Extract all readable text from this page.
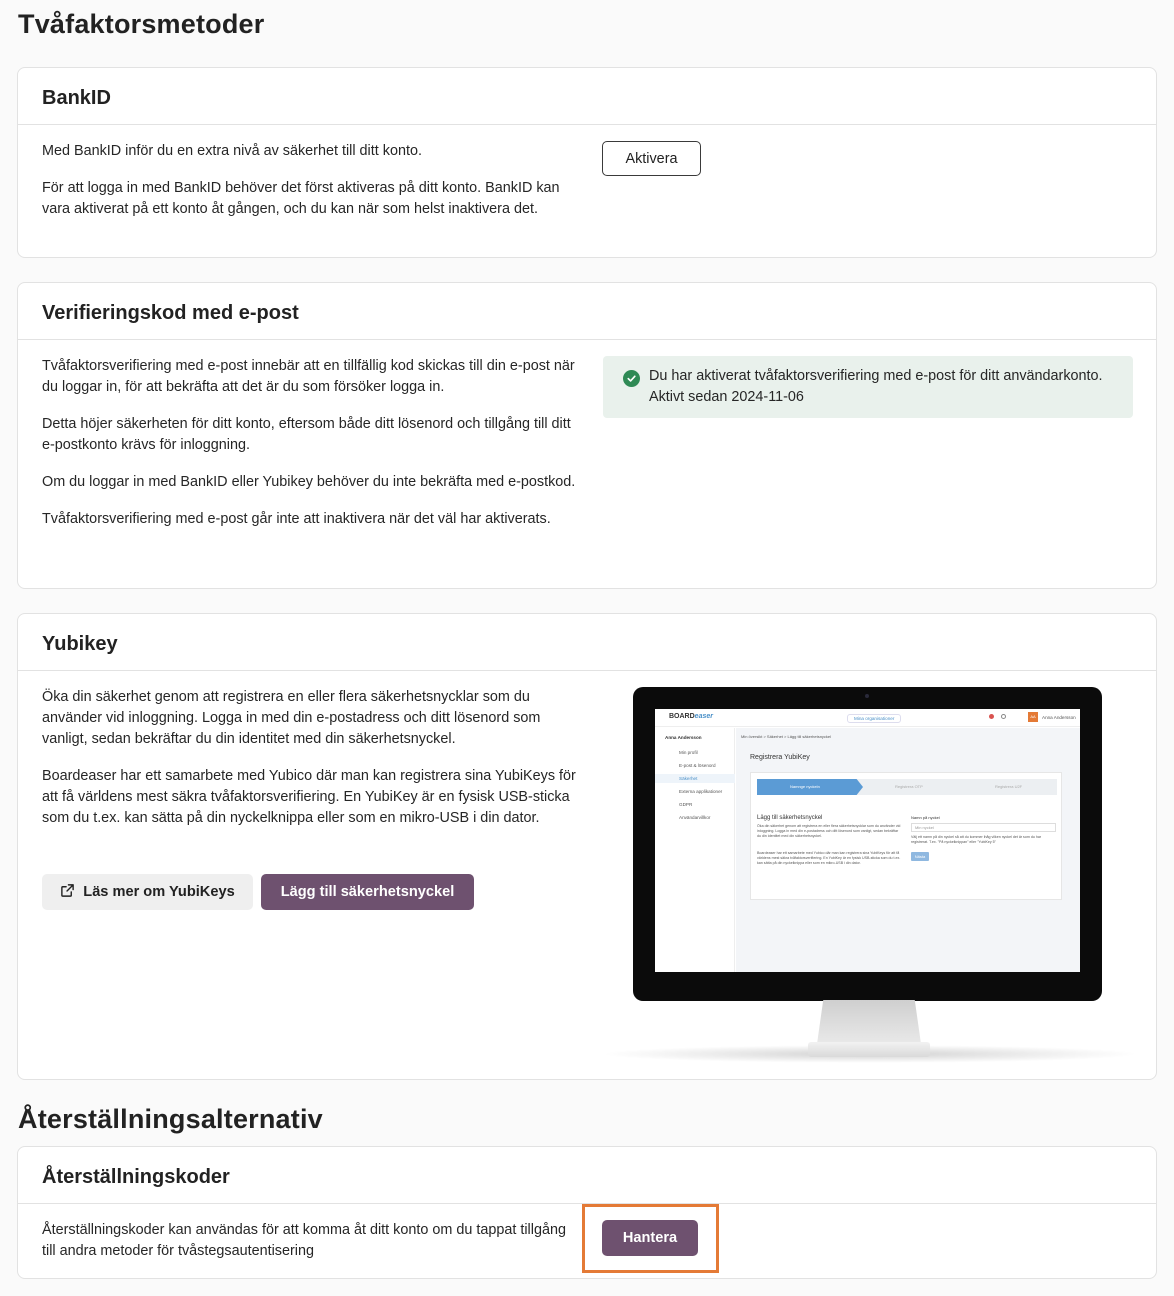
Tvåfaktorsmetoder
BankID

Med BankID inför du en extra nivå av säkerhet till ditt konto.

För att logga in med BankID behöver det först aktiveras på ditt konto. BankID kan vara aktiverat på ett konto åt gången, och du kan när som helst inaktivera det.

Aktivera
Verifieringskod med e-post

Tvåfaktorsverifiering med e-post innebär att en tillfällig kod skickas till din e-post när du loggar in, för att bekräfta att det är du som försöker logga in.

Detta höjer säkerheten för ditt konto, eftersom både ditt lösenord och tillgång till ditt e-postkonto krävs för inloggning.

Om du loggar in med BankID eller Yubikey behöver du inte bekräfta med e-postkod.

Tvåfaktorsverifiering med e-post går inte att inaktivera när det väl har aktiverats.

Du har aktiverat tvåfaktorsverifiering med e-post för ditt användarkonto. Aktivt sedan 2024-11-06
Yubikey

Öka din säkerhet genom att registrera en eller flera säkerhetsnycklar som du använder vid inloggning. Logga in med din e-postadress och ditt lösenord som vanligt, sedan bekräftar du din identitet med din säkerhetsnyckel.

Boardeaser har ett samarbete med Yubico där man kan registrera sina YubiKeys för att få världens mest säkra tvåfaktorsverifiering. En YubiKey är en fysisk USB-sticka som du t.ex. kan sätta på din nyckelknippa eller som en mikro-USB i din dator.

Läs mer om YubiKeys	Lägg till säkerhetsnyckel
BOARDeaser	Mina organisationer	AA	Anna Andersson
Anna Andersson
Min profil
E-post & lösenord
Säkerhet
Externa applikationer
GDPR
Användarvillkor
Min översikt > Säkerhet > Lägg till säkerhetsnyckel
Registrera YubiKey
Namnge nyckeln	Registrera OTP	Registrera U2F
Lägg till säkerhetsnyckel
Öka din säkerhet genom att registrera en eller flera säkerhetsnycklar som du använder vid inloggning. Logga in med din e-postadress och ditt lösenord som vanligt, sedan bekräftar du din identitet med din säkerhetsnyckel.
Boardeaser har ett samarbete med Yubico där man kan registrera sina YubiKeys för att få världens mest säkra tvåfaktorsverifiering. En YubiKey är en fysisk USB-sticka som du t.ex. kan sätta på din nyckelknippa eller som en mikro-USB i din dator.
Namn på nyckel
Min nyckel
Välj ett namn på din nyckel så att du kommer ihåg vilken nyckel det är som du har registrerat. T.ex. "På nyckelknippan" eller "YubiKey 5"
Nästa
Återställningsalternativ
Återställningskoder
Återställningskoder kan användas för att komma åt ditt konto om du tappat tillgång till andra metoder för tvåstegsautentisering
Hantera
